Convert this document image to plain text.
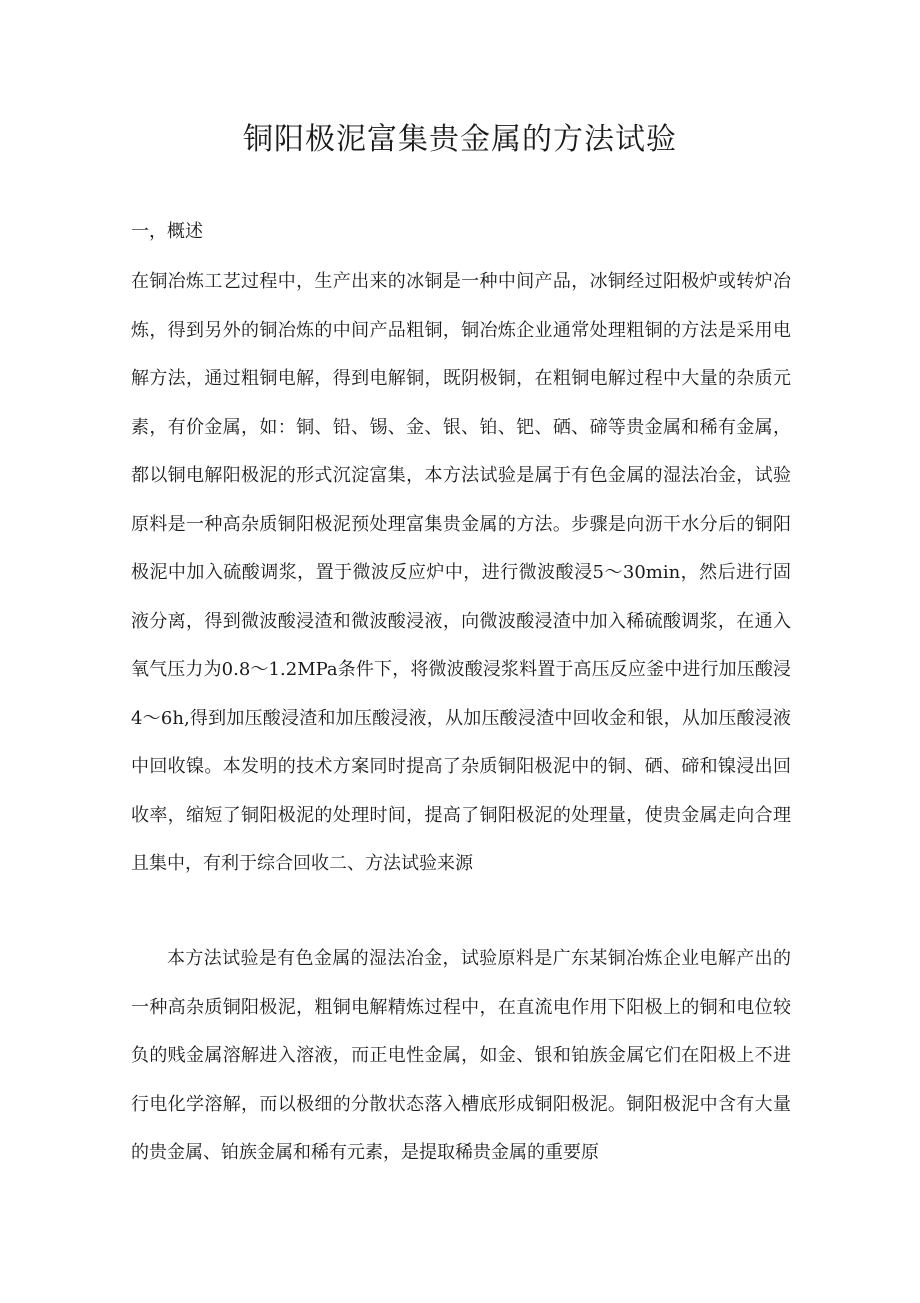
铜阳极泥富集贵金属的方法试验

一，概述

在铜冶炼工艺过程中，生产出来的冰铜是一种中间产品，冰铜经过阳极炉或转炉冶炼，得到另外的铜冶炼的中间产品粗铜，铜冶炼企业通常处理粗铜的方法是采用电解方法，通过粗铜电解，得到电解铜，既阴极铜，在粗铜电解过程中大量的杂质元素，有价金属，如：铜、铅、锡、金、银、铂、钯、硒、碲等贵金属和稀有金属，都以铜电解阳极泥的形式沉淀富集，本方法试验是属于有色金属的湿法冶金，试验原料是一种高杂质铜阳极泥预处理富集贵金属的方法。步骤是向沥干水分后的铜阳极泥中加入硫酸调浆，置于微波反应炉中，进行微波酸浸5〜30min，然后进行固液分离，得到微波酸浸渣和微波酸浸液，向微波酸浸渣中加入稀硫酸调浆，在通入氧气压力为0.8〜1.2MPa条件下，将微波酸浸浆料置于高压反应釜中进行加压酸浸4〜6h,得到加压酸浸渣和加压酸浸液，从加压酸浸渣中回收金和银，从加压酸浸液中回收镍。本发明的技术方案同时提高了杂质铜阳极泥中的铜、硒、碲和镍浸出回收率，缩短了铜阳极泥的处理时间，提高了铜阳极泥的处理量，使贵金属走向合理且集中，有利于综合回收二、方法试验来源

本方法试验是有色金属的湿法冶金，试验原料是广东某铜冶炼企业电解产出的一种高杂质铜阳极泥，粗铜电解精炼过程中，在直流电作用下阳极上的铜和电位较负的贱金属溶解进入溶液，而正电性金属，如金、银和铂族金属它们在阳极上不进行电化学溶解，而以极细的分散状态落入槽底形成铜阳极泥。铜阳极泥中含有大量的贵金属、铂族金属和稀有元素，是提取稀贵金属的重要原
